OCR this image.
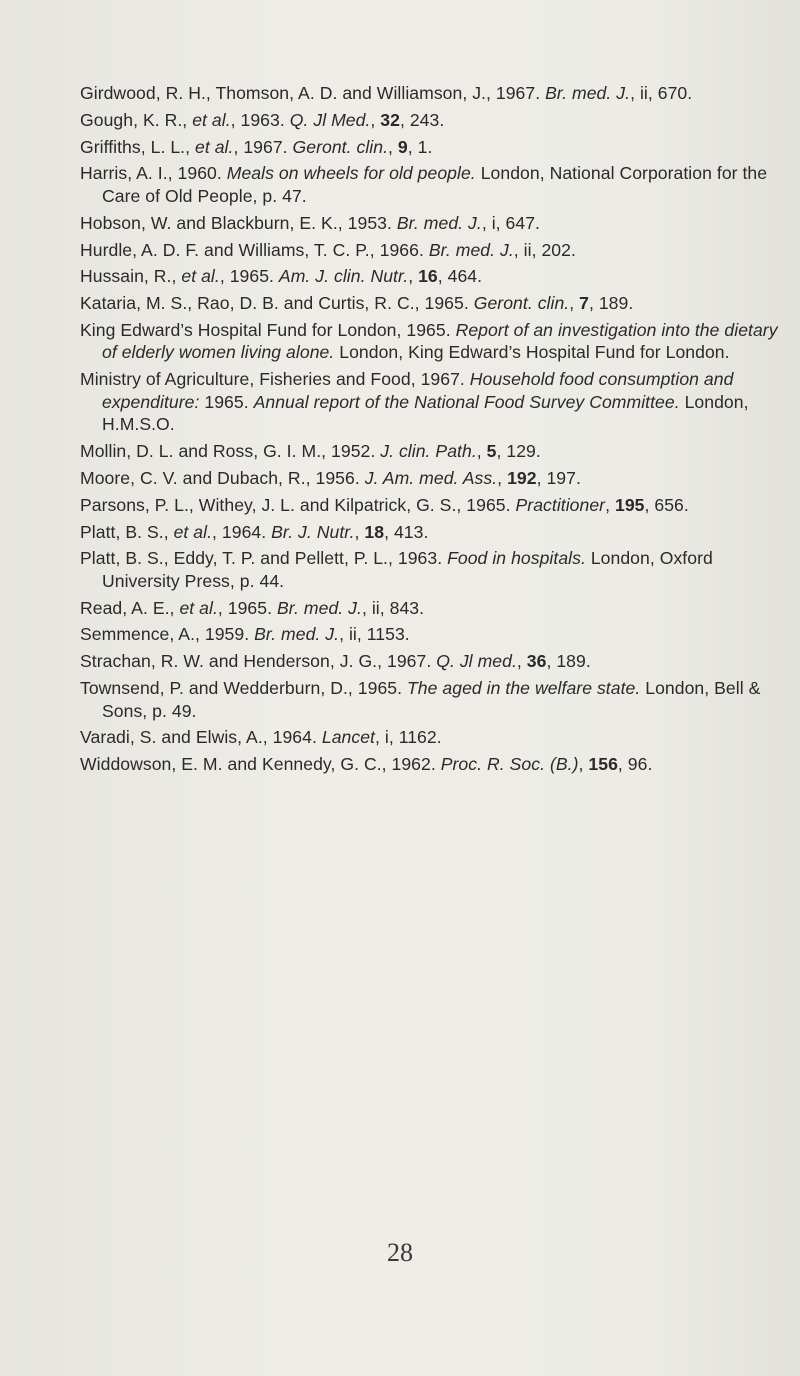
Girdwood, R. H., Thomson, A. D. and Williamson, J., 1967. Br. med. J., ii, 670.
Gough, K. R., et al., 1963. Q. Jl Med., 32, 243.
Griffiths, L. L., et al., 1967. Geront. clin., 9, 1.
Harris, A. I., 1960. Meals on wheels for old people. London, National Corporation for the Care of Old People, p. 47.
Hobson, W. and Blackburn, E. K., 1953. Br. med. J., i, 647.
Hurdle, A. D. F. and Williams, T. C. P., 1966. Br. med. J., ii, 202.
Hussain, R., et al., 1965. Am. J. clin. Nutr., 16, 464.
Kataria, M. S., Rao, D. B. and Curtis, R. C., 1965. Geront. clin., 7, 189.
King Edward’s Hospital Fund for London, 1965. Report of an investigation into the dietary of elderly women living alone. London, King Edward’s Hospital Fund for London.
Ministry of Agriculture, Fisheries and Food, 1967. Household food consumption and expenditure: 1965. Annual report of the National Food Survey Committee. London, H.M.S.O.
Mollin, D. L. and Ross, G. I. M., 1952. J. clin. Path., 5, 129.
Moore, C. V. and Dubach, R., 1956. J. Am. med. Ass., 192, 197.
Parsons, P. L., Withey, J. L. and Kilpatrick, G. S., 1965. Practitioner, 195, 656.
Platt, B. S., et al., 1964. Br. J. Nutr., 18, 413.
Platt, B. S., Eddy, T. P. and Pellett, P. L., 1963. Food in hospitals. London, Oxford University Press, p. 44.
Read, A. E., et al., 1965. Br. med. J., ii, 843.
Semmence, A., 1959. Br. med. J., ii, 1153.
Strachan, R. W. and Henderson, J. G., 1967. Q. Jl med., 36, 189.
Townsend, P. and Wedderburn, D., 1965. The aged in the welfare state. London, Bell & Sons, p. 49.
Varadi, S. and Elwis, A., 1964. Lancet, i, 1162.
Widdowson, E. M. and Kennedy, G. C., 1962. Proc. R. Soc. (B.), 156, 96.
28
